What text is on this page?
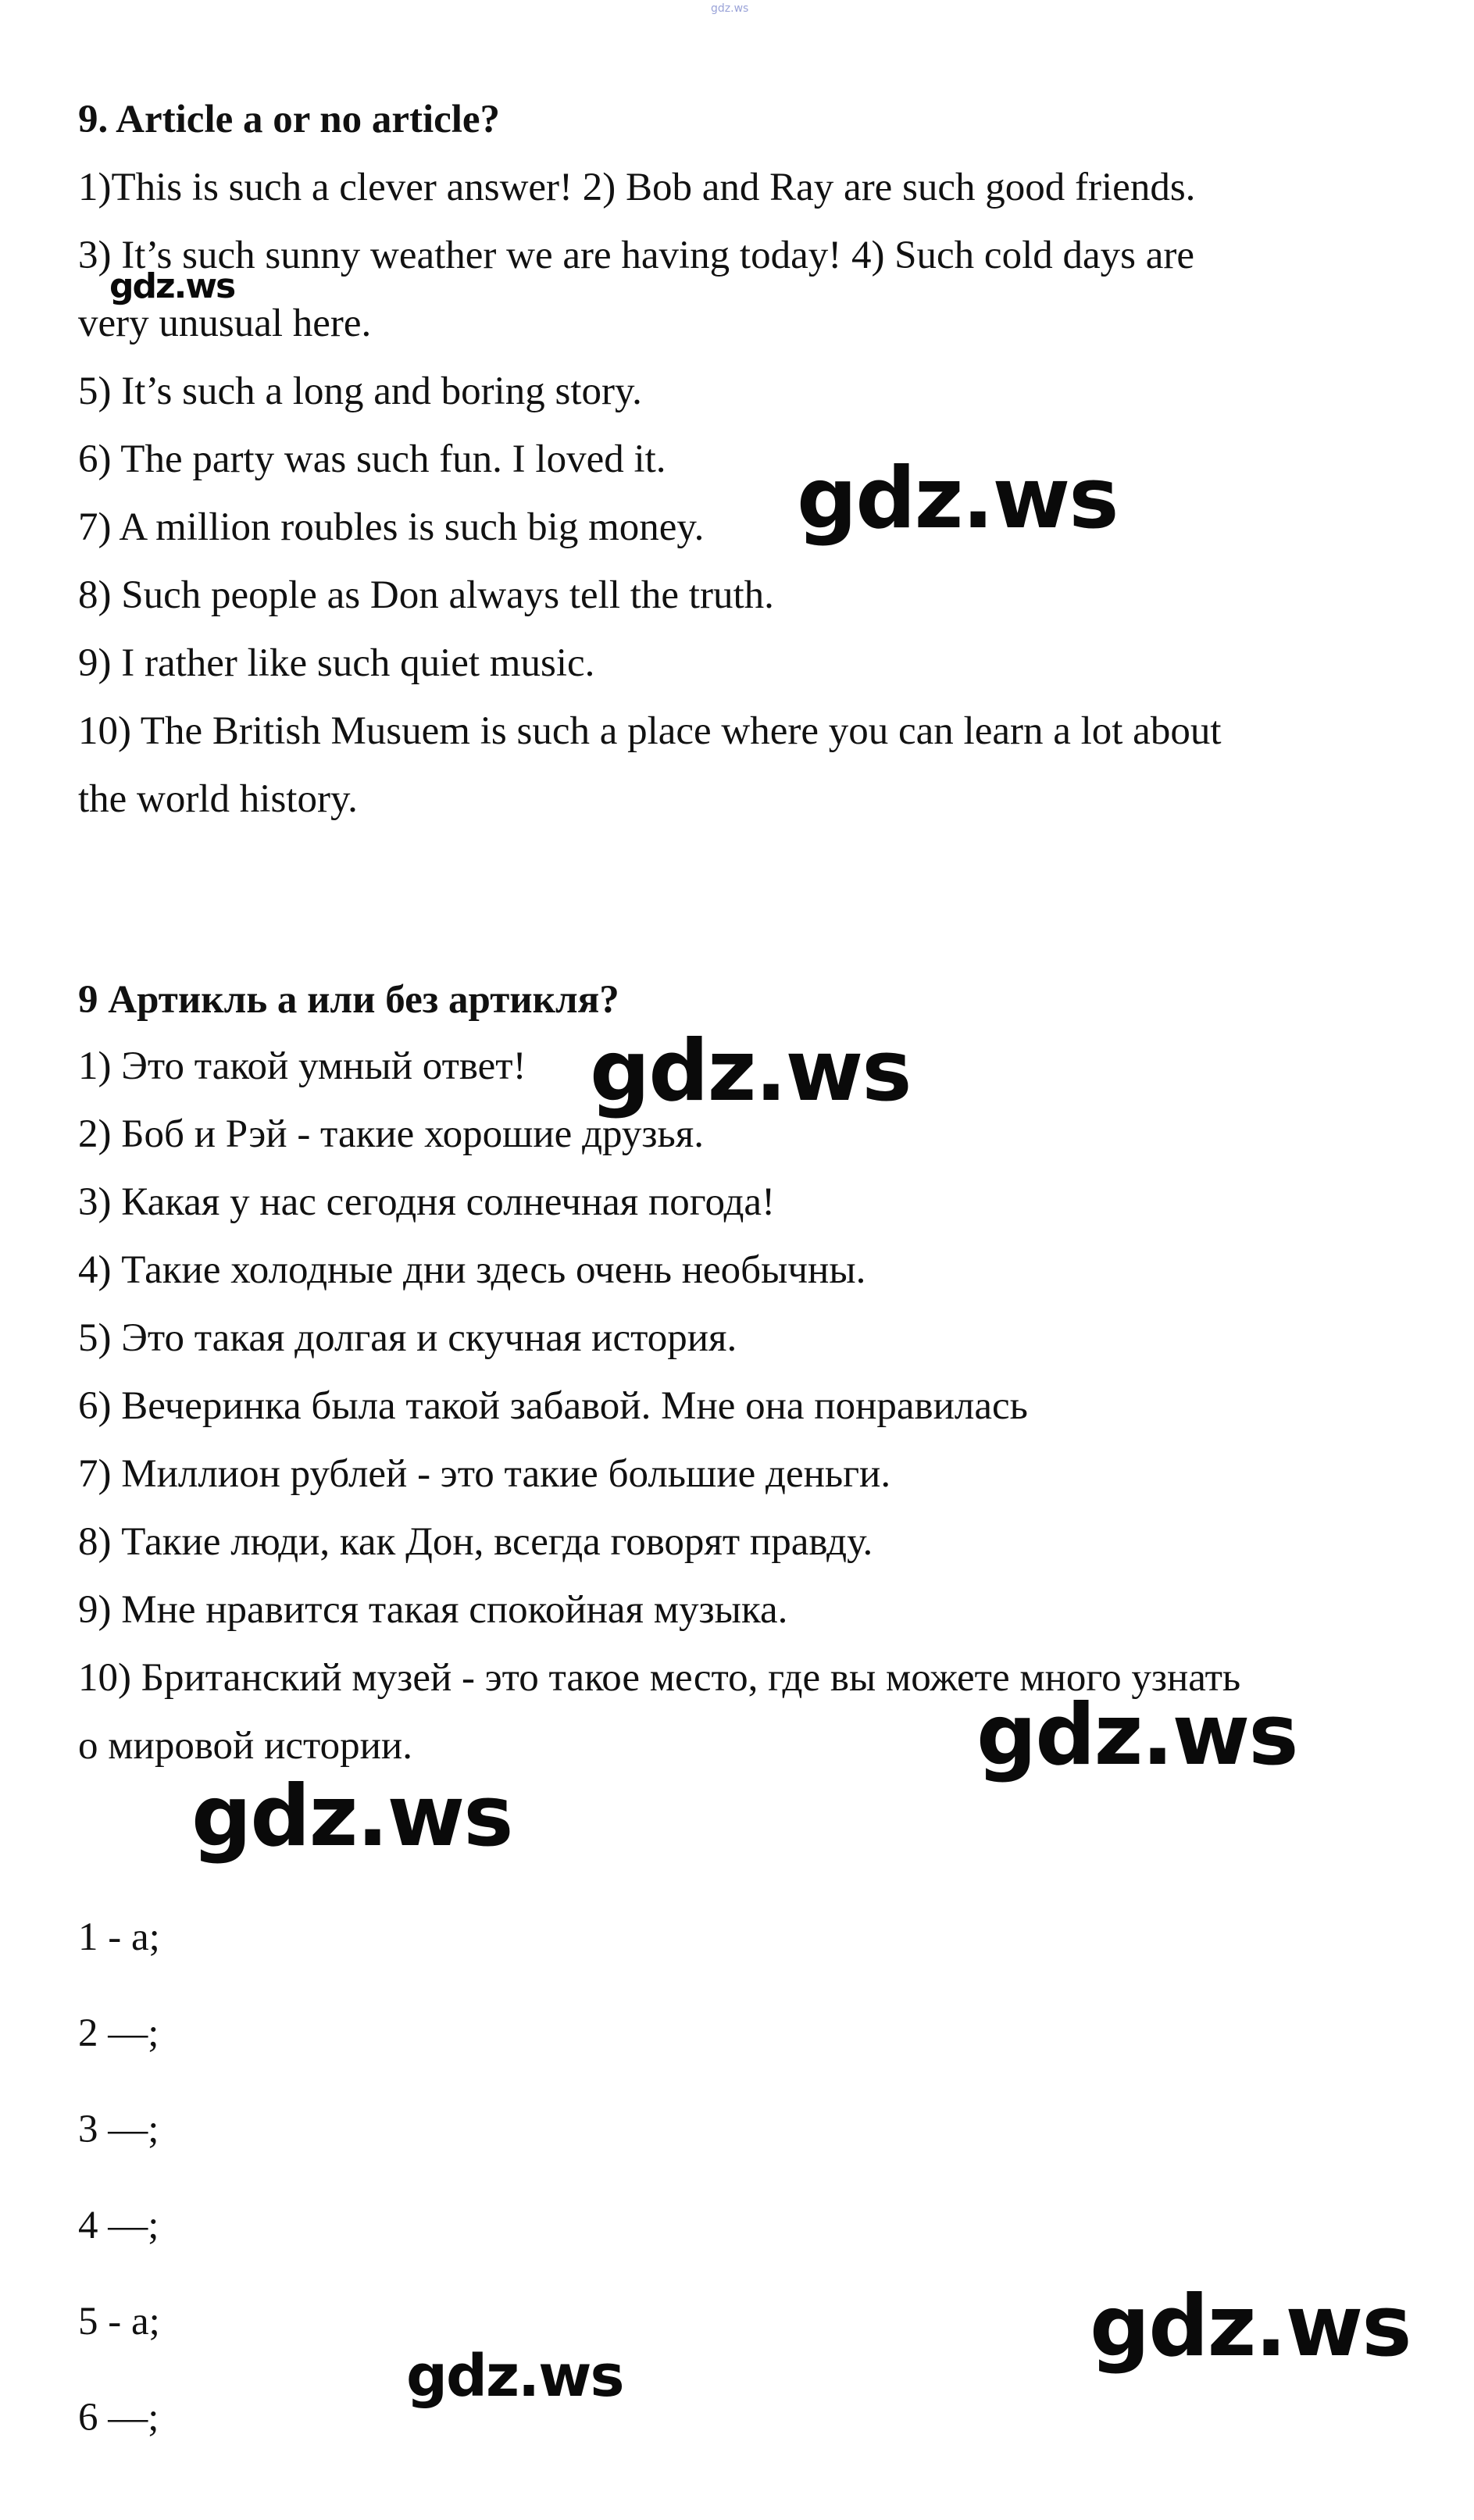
gdz.ws
9. Article a or no article?
1)This is such a clever answer! 2) Bob and Ray are such good friends.
3) It’s such sunny weather we are having today! 4) Such cold days are
very unusual here.
5) It’s such a long and boring story.
6) The party was such fun. I loved it.
7) A million roubles is such big money.
8) Such people as Don always tell the truth.
9) I rather like such quiet music.
10) The British Musuem is such a place where you can learn a lot about
the world history.
9 Артикль a или без артикля?
1) Это такой умный ответ!
2) Боб и Рэй - такие хорошие друзья.
3) Какая у нас сегодня солнечная погода!
4) Такие холодные дни здесь очень необычны.
5) Это такая долгая и скучная история.
6) Вечеринка была такой забавой. Мне она понравилась
7) Миллион рублей - это такие большие деньги.
8) Такие люди, как Дон, всегда говорят правду.
9) Мне нравится такая спокойная музыка.
10) Британский музей - это такое место, где вы можете много узнать
о мировой истории.
1 - a;
2 —;
3 —;
4 —;
5 - a;
6 —;
gdz.ws
gdz.ws
gdz.ws
gdz.ws
gdz.ws
gdz.ws
gdz.ws
